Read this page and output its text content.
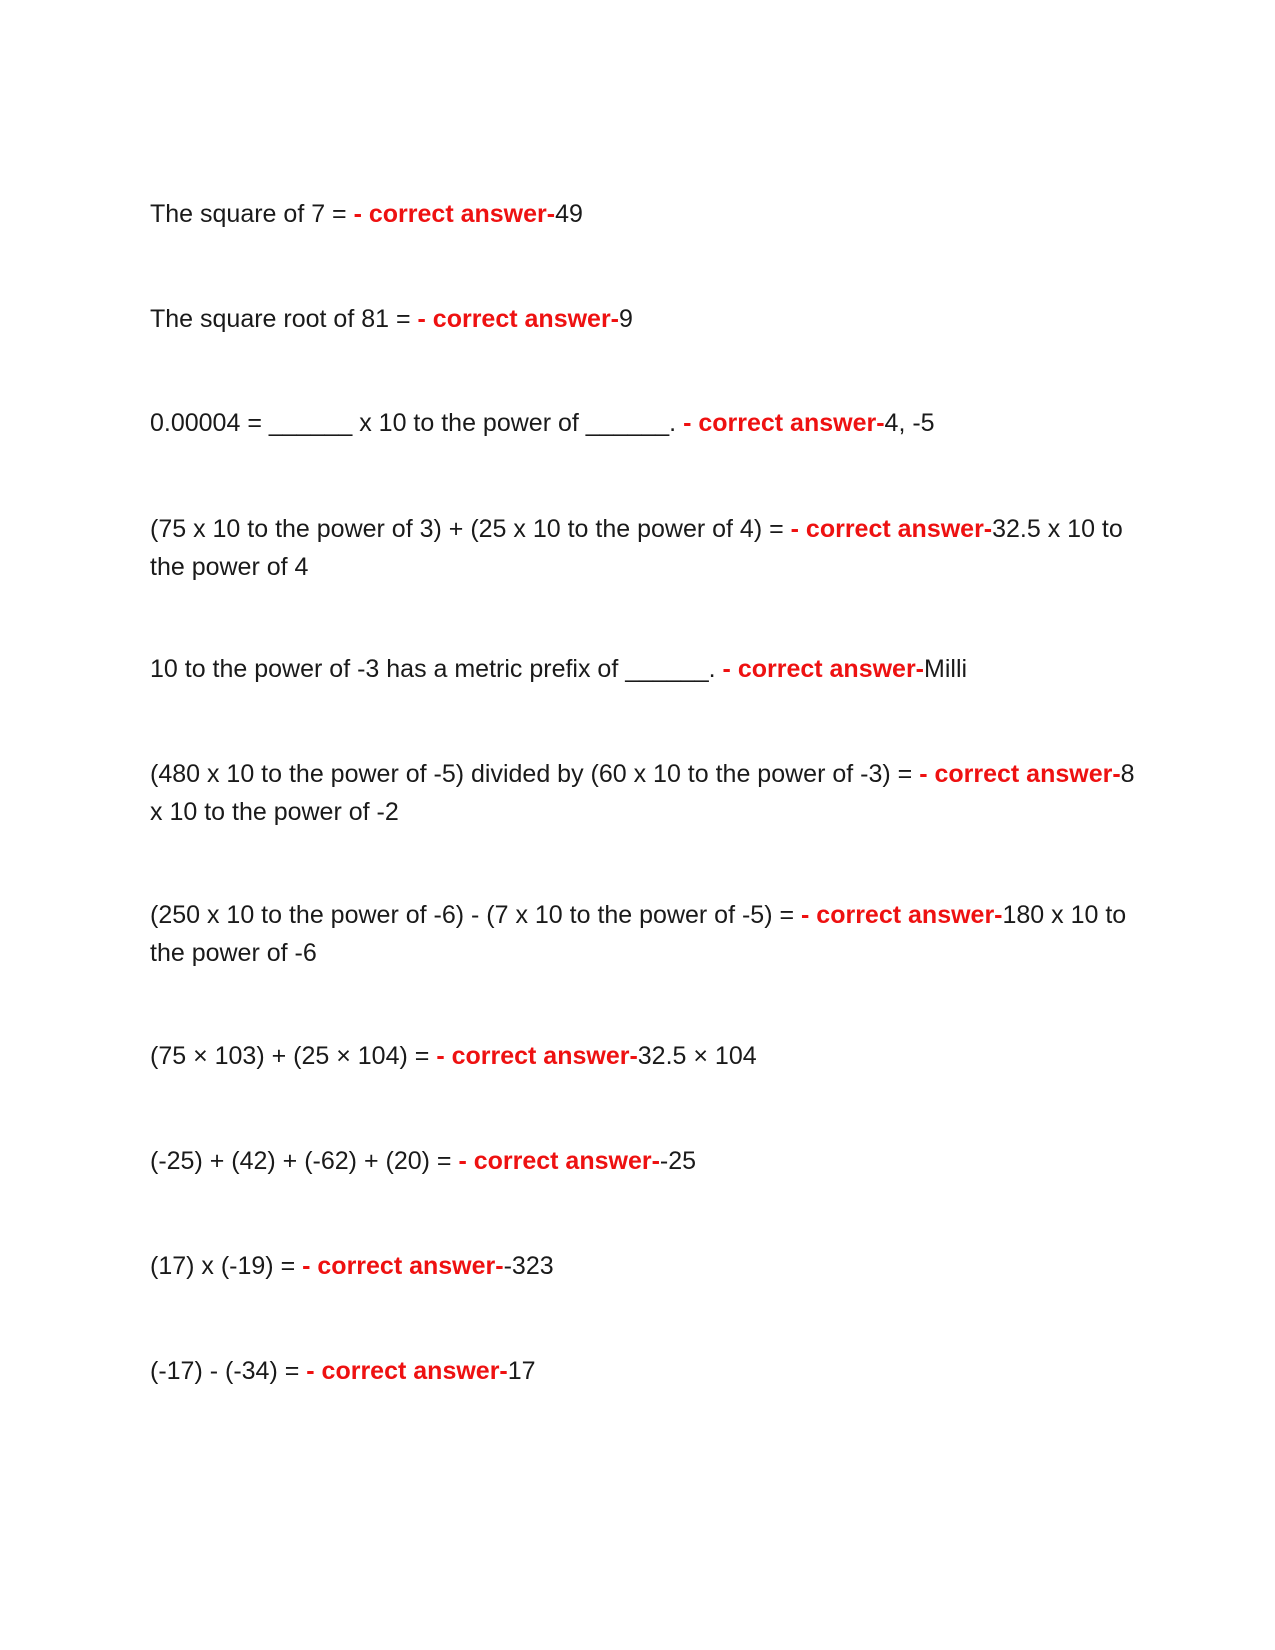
The square of 7 = - correct answer-49

The square root of 81 = - correct answer-9

0.00004 = ______ x 10 to the power of ______. - correct answer-4, -5

(75 x 10 to the power of 3) + (25 x 10 to the power of 4) = - correct answer-32.5 x 10 to the power of 4

10 to the power of -3 has a metric prefix of ______. - correct answer-Milli

(480 x 10 to the power of -5) divided by (60 x 10 to the power of -3) = - correct answer-8 x 10 to the power of -2

(250 x 10 to the power of -6) - (7 x 10 to the power of -5) = - correct answer-180 x 10 to the power of -6

(75 × 103) + (25 × 104) = - correct answer-32.5 × 104

(-25) + (42) + (-62) + (20) = - correct answer--25

(17) x (-19) = - correct answer--323

(-17) - (-34) = - correct answer-17
